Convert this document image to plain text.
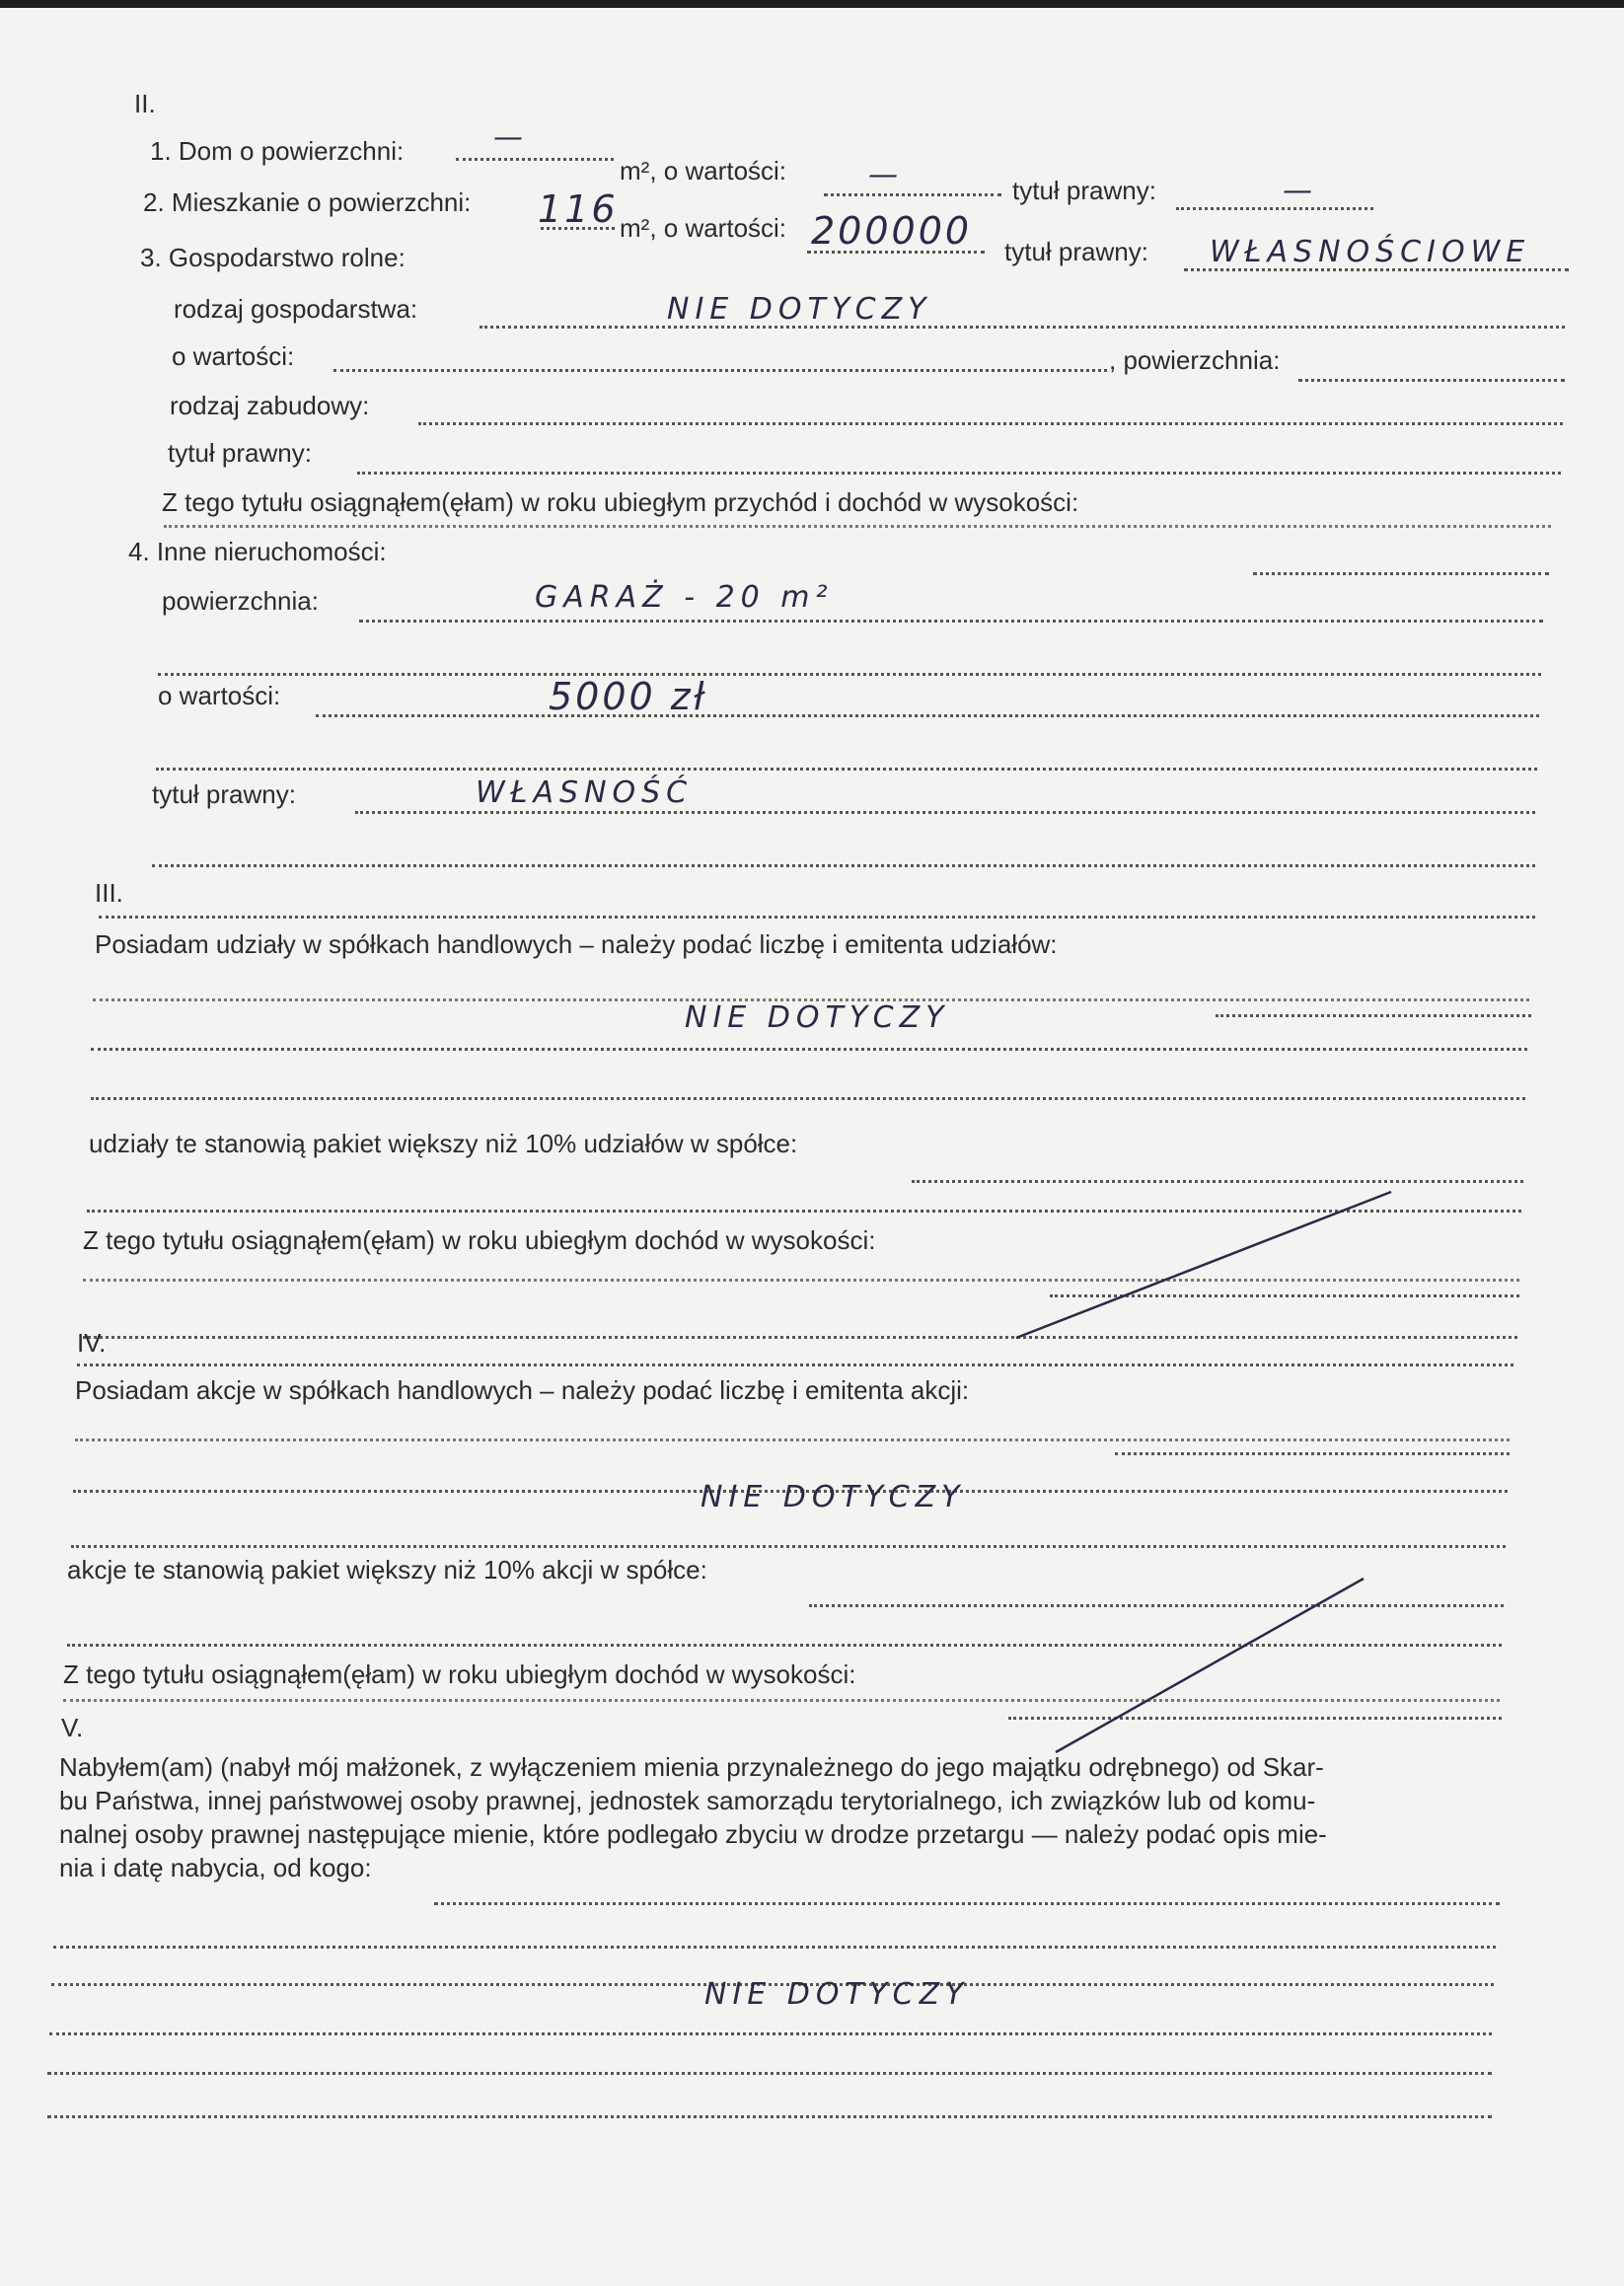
II.
1. Dom o powierzchni:	—
m², o wartości:	—	tytuł prawny:	—
2. Mieszkanie o powierzchni: 116 m², o wartości: 200000 tytuł prawny: WŁASNOŚCIOWE
3. Gospodarstwo rolne:
rodzaj gospodarstwa:	NIE DOTYCZY
o wartości:	, powierzchnia:
rodzaj zabudowy:
tytuł prawny:
Z tego tytułu osiągnąłem(ęłam) w roku ubiegłym przychód i dochód w wysokości:
4. Inne nieruchomości:
powierzchnia:	GARAŻ - 20 m²
o wartości:	5000 zł
tytuł prawny:	WŁASNOŚĆ
III.
Posiadam udziały w spółkach handlowych – należy podać liczbę i emitenta udziałów:
NIE DOTYCZY
udziały te stanowią pakiet większy niż 10% udziałów w spółce:
Z tego tytułu osiągnąłem(ęłam) w roku ubiegłym dochód w wysokości:
IV.
Posiadam akcje w spółkach handlowych – należy podać liczbę i emitenta akcji:
NIE DOTYCZY
akcje te stanowią pakiet większy niż 10% akcji w spółce:
Z tego tytułu osiągnąłem(ęłam) w roku ubiegłym dochód w wysokości:
V.
Nabyłem(am) (nabył mój małżonek, z wyłączeniem mienia przynależnego do jego majątku odrębnego) od Skar-
bu Państwa, innej państwowej osoby prawnej, jednostek samorządu terytorialnego, ich związków lub od komu-
nalnej osoby prawnej następujące mienie, które podlegało zbyciu w drodze przetargu — należy podać opis mie-
nia i datę nabycia, od kogo:
NIE DOTYCZY
